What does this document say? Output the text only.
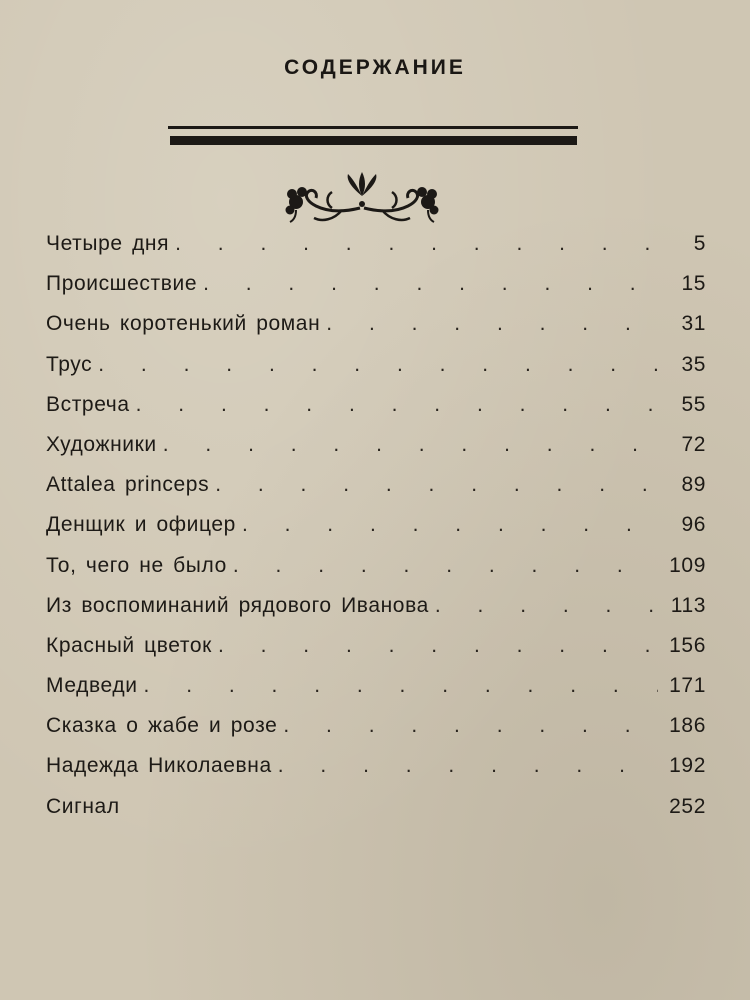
СОДЕРЖАНИЕ
Четыре дня . . .	5
Происшествие . . .	15
Очень коротенький роман . . .	31
Трус . . .	35
Встреча . . .	55
Художники . . .	72
Attalea princeps . . .	89
Денщик и офицер . . .	96
То, чего не было . . .	109
Из воспоминаний рядового Иванова . . .	113
Красный цветок . . .	156
Медведи . . .	171
Сказка о жабе и розе . . .	186
Надежда Николаевна . . .	192
Сигнал	252
